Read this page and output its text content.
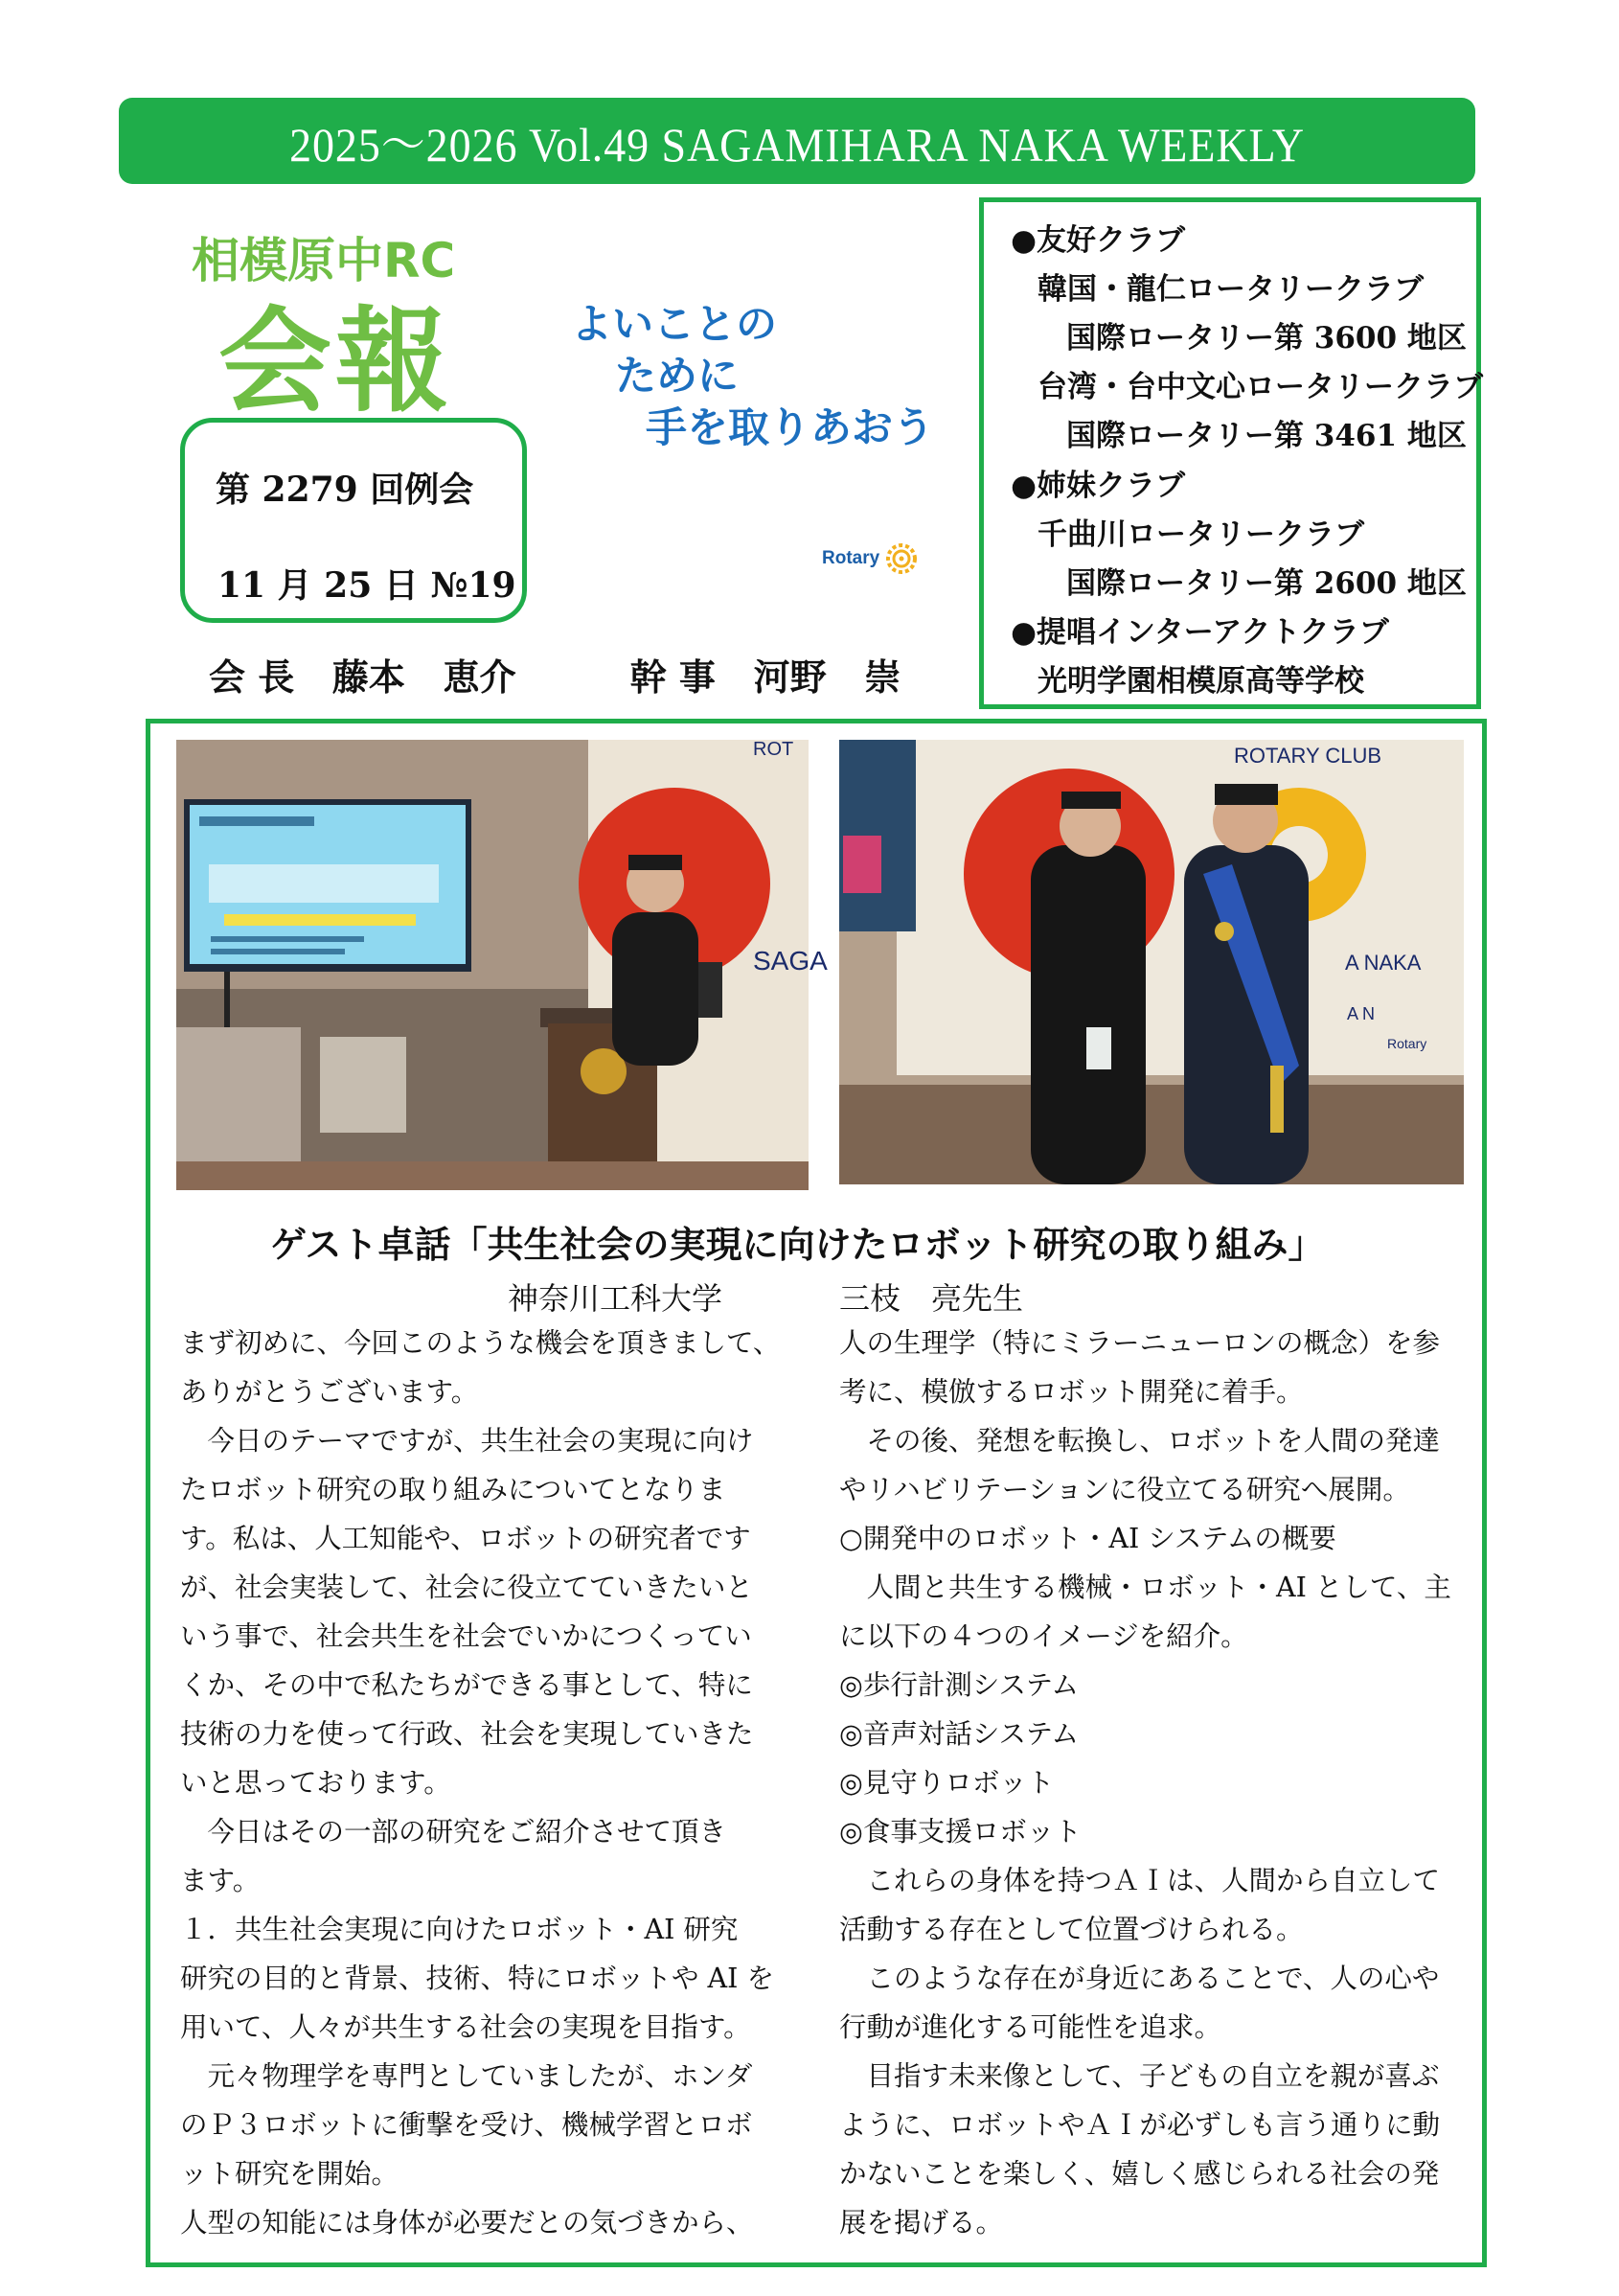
2025～2026 Vol.49 SAGAMIHARA NAKA WEEKLY
相模原中RC
会報	よいことの
ために
手を取りあおう
第 2279 回例会
11 月 25 日 №19
Rotary
会 長   藤本   恵介         幹 事   河野   崇
●友好クラブ
韓国・龍仁ロータリークラブ
国際ロータリー第 3600 地区
台湾・台中文心ロータリークラブ
国際ロータリー第 3461 地区
●姉妹クラブ
千曲川ロータリークラブ
国際ロータリー第 2600 地区
●提唱インターアクトクラブ
光明学園相模原高等学校
SAGA
ROT	ROTARY CLUB
A NAKA
A N
Rotary
ゲスト卓話「共生社会の実現に向けたロボット研究の取り組み」
神奈川工科大学	三枝　亮先生

まず初めに、今回このような機会を頂きまして、

ありがとうございます。

　今日のテーマですが、共生社会の実現に向け

たロボット研究の取り組みについてとなりま

す。私は、人工知能や、ロボットの研究者です

が、社会実装して、社会に役立てていきたいと

いう事で、社会共生を社会でいかにつくってい

くか、その中で私たちができる事として、特に

技術の力を使って行政、社会を実現していきた

いと思っております。

　今日はその一部の研究をご紹介させて頂き

ます。

１．共生社会実現に向けたロボット・AI 研究

研究の目的と背景、技術、特にロボットや AI を

用いて、人々が共生する社会の実現を目指す。

　元々物理学を専門としていましたが、ホンダ

のＰ３ロボットに衝撃を受け、機械学習とロボ

ット研究を開始。

人型の知能には身体が必要だとの気づきから、

人の生理学（特にミラーニューロンの概念）を参

考に、模倣するロボット開発に着手。

　その後、発想を転換し、ロボットを人間の発達

やリハビリテーションに役立てる研究へ展開。

○開発中のロボット・AI システムの概要

　人間と共生する機械・ロボット・AI として、主

に以下の４つのイメージを紹介。

◎歩行計測システム

◎音声対話システム

◎見守りロボット

◎食事支援ロボット

　これらの身体を持つＡＩは、人間から自立して

活動する存在として位置づけられる。

　このような存在が身近にあることで、人の心や

行動が進化する可能性を追求。

　目指す未来像として、子どもの自立を親が喜ぶ

ように、ロボットやＡＩが必ずしも言う通りに動

かないことを楽しく、嬉しく感じられる社会の発

展を掲げる。
